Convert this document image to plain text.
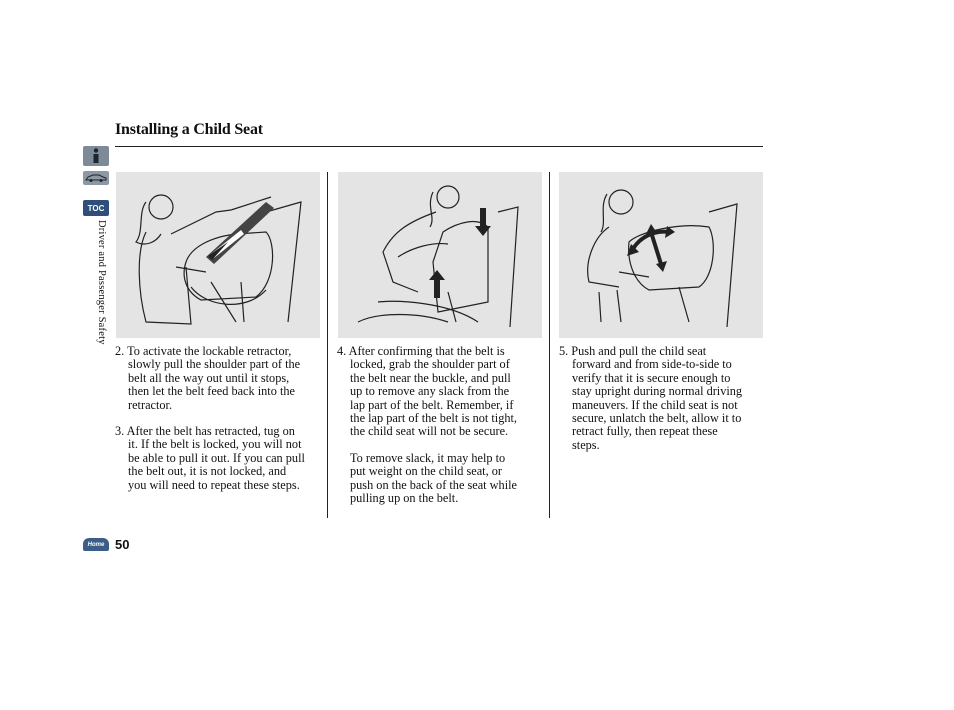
Installing a Child Seat
TOC
Driver and Passenger Safety

2. To activate the lockable retractor,
slowly pull the shoulder part of the
belt all the way out until it stops,
then let the belt feed back into the
retractor.

3. After the belt has retracted, tug on
it. If the belt is locked, you will not
be able to pull it out. If you can pull
the belt out, it is not locked, and
you will need to repeat these steps.

4. After confirming that the belt is
locked, grab the shoulder part of
the belt near the buckle, and pull
up to remove any slack from the
lap part of the belt. Remember, if
the lap part of the belt is not tight,
the child seat will not be secure.

To remove slack, it may help to
put weight on the child seat, or
push on the back of the seat while
pulling up on the belt.

5. Push and pull the child seat
forward and from side-to-side to
verify that it is secure enough to
stay upright during normal driving
maneuvers. If the child seat is not
secure, unlatch the belt, allow it to
retract fully, then repeat these
steps.

Home 50
